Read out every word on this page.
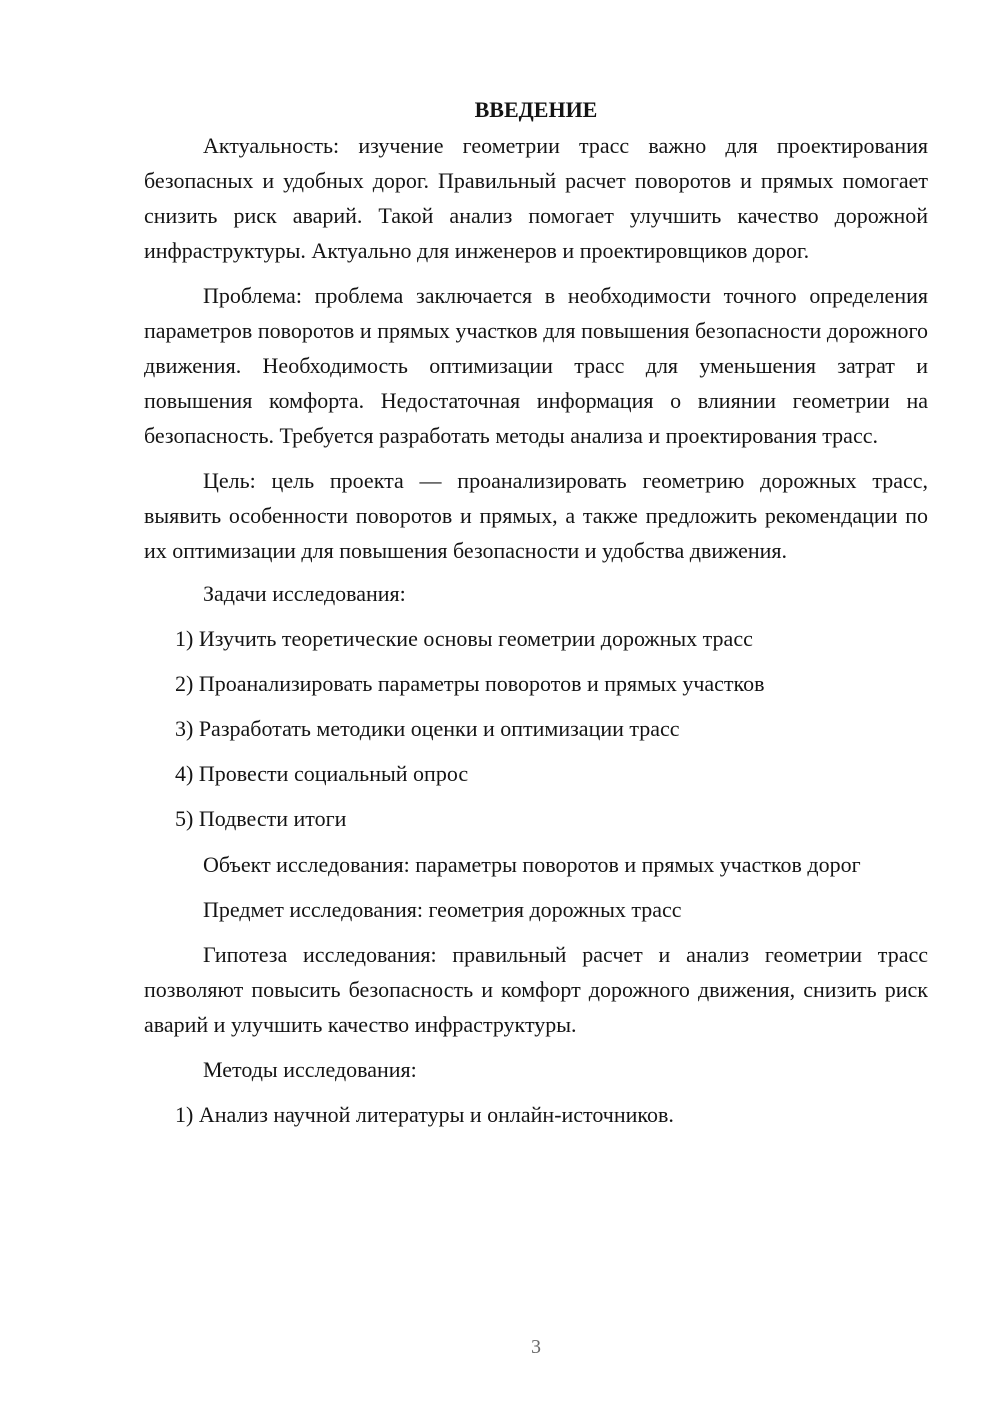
ВВЕДЕНИЕ

Актуальность: изучение геометрии трасс важно для проектирования безопасных и удобных дорог. Правильный расчет поворотов и прямых помогает снизить риск аварий. Такой анализ помогает улучшить качество дорожной инфраструктуры. Актуально для инженеров и проектировщиков дорог.

Проблема: проблема заключается в необходимости точного определения параметров поворотов и прямых участков для повышения безопасности дорожного движения. Необходимость оптимизации трасс для уменьшения затрат и повышения комфорта. Недостаточная информация о влиянии геометрии на безопасность. Требуется разработать методы анализа и проектирования трасс.

Цель: цель проекта — проанализировать геометрию дорожных трасс, выявить особенности поворотов и прямых, а также предложить рекомендации по их оптимизации для повышения безопасности и удобства движения.

Задачи исследования:
1) Изучить теоретические основы геометрии дорожных трасс
2) Проанализировать параметры поворотов и прямых участков
3) Разработать методики оценки и оптимизации трасс
4) Провести социальный опрос
5) Подвести итоги

Объект исследования: параметры поворотов и прямых участков дорог

Предмет исследования: геометрия дорожных трасс

Гипотеза исследования: правильный расчет и анализ геометрии трасс позволяют повысить безопасность и комфорт дорожного движения, снизить риск аварий и улучшить качество инфраструктуры.

Методы исследования:
1) Анализ научной литературы и онлайн-источников.
3
